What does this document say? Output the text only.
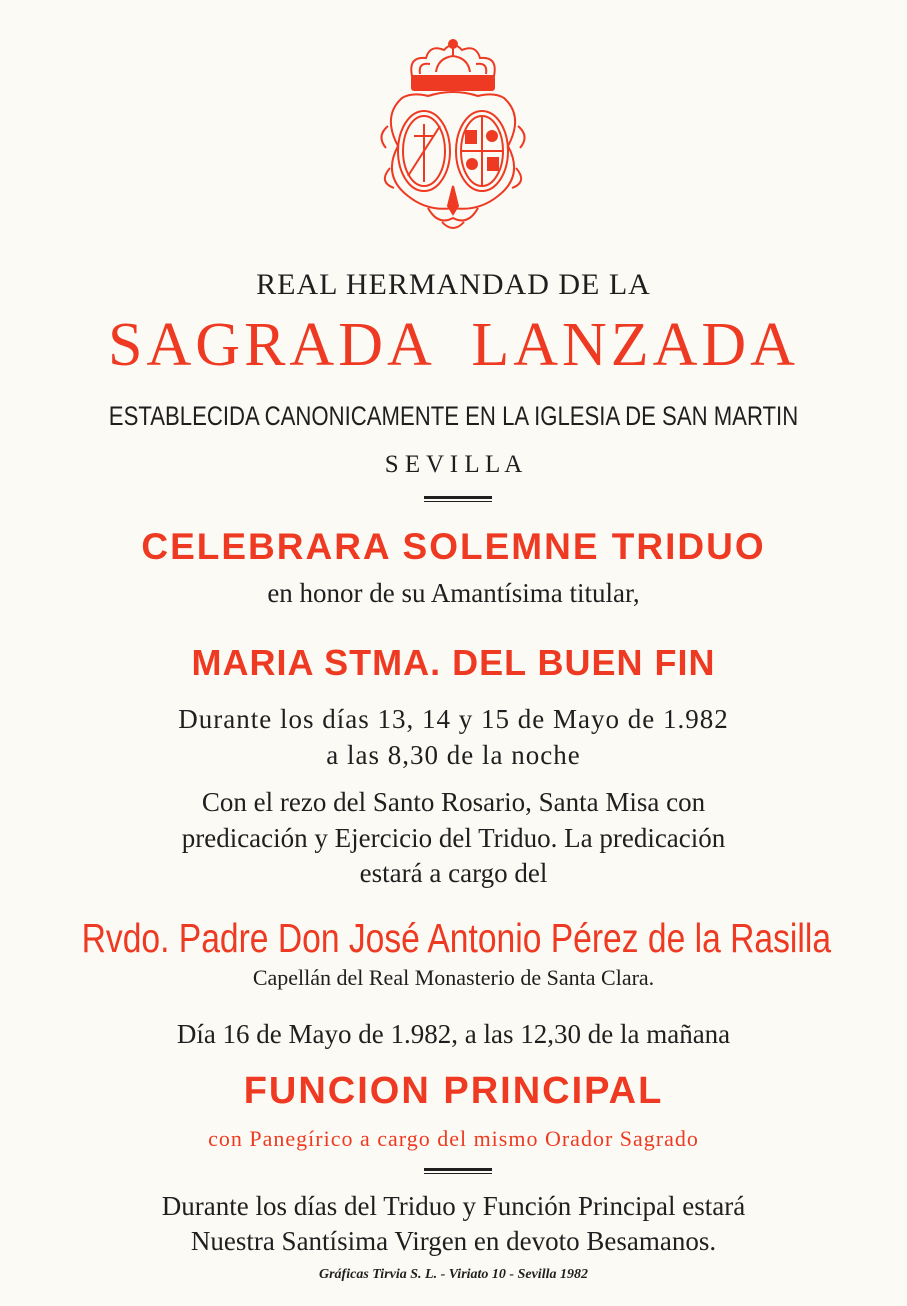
REAL HERMANDAD DE LA
SAGRADA  LANZADA
ESTABLECIDA CANONICAMENTE EN LA IGLESIA DE SAN MARTIN
S E V I L L A
CELEBRARA SOLEMNE TRIDUO
en honor de su Amantísima titular,
MARIA STMA. DEL BUEN FIN
Durante los días 13, 14 y 15 de Mayo de 1.982
a las 8,30 de la noche
Con el rezo del Santo Rosario, Santa Misa con
predicación y Ejercicio del Triduo. La predicación
estará a cargo del
Rvdo. Padre Don José Antonio Pérez de la Rasilla
Capellán del Real Monasterio de Santa Clara.
Día 16 de Mayo de 1.982, a las 12,30 de la mañana
FUNCION PRINCIPAL
con Panegírico a cargo del mismo Orador Sagrado
Durante los días del Triduo y Función Principal estará
Nuestra Santísima Virgen en devoto Besamanos.
Gráficas Tirvia S. L. - Viriato 10 - Sevilla 1982
